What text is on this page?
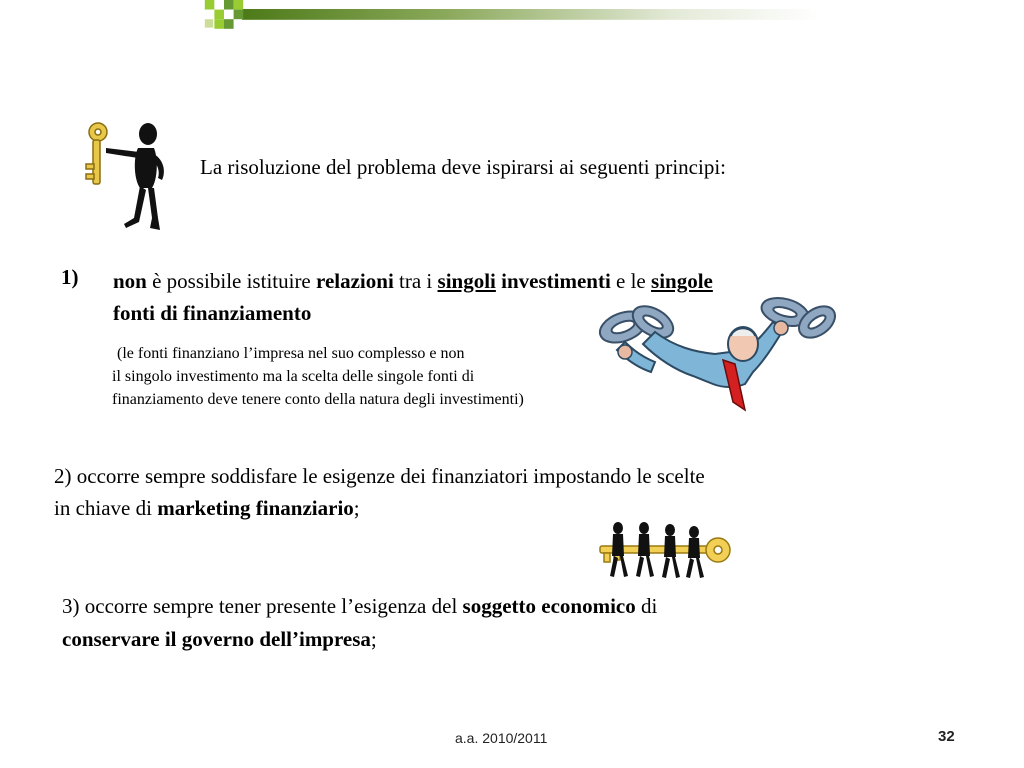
La risoluzione del problema deve ispirarsi ai seguenti principi:
1) non è possibile istituire relazioni tra i singoli investimenti e le singole
fonti di finanziamento
(le fonti finanziano l’impresa nel suo complesso e non
il singolo investimento ma la scelta delle singole fonti di
finanziamento deve tenere conto della natura degli investimenti)
2) occorre sempre soddisfare le esigenze dei finanziatori impostando le scelte
in chiave di marketing finanziario;
3) occorre sempre tener presente l’esigenza del soggetto economico di
conservare il governo dell’impresa;
a.a. 2010/2011	32
